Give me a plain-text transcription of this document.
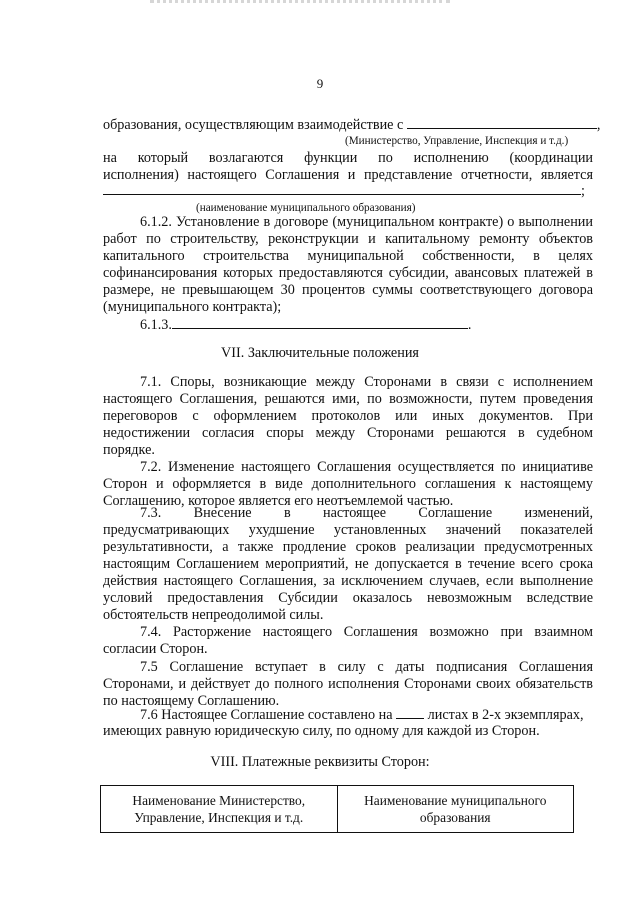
9
образования, осуществляющим взаимодействие с	,
(Министерство, Управление, Инспекция и т.д.)
на который возлагаются функции по исполнению (координации
исполнения) настоящего Соглашения и представление отчетности, является
;
(наименование муниципального образования)
6.1.2. Установление в договоре (муниципальном контракте) о выполнении
работ по строительству, реконструкции и капитальному ремонту объектов
капитального строительства муниципальной собственности, в целях
софинансирования которых предоставляются субсидии, авансовых платежей в
размере, не превышающем 30 процентов суммы соответствующего договора
(муниципального контракта);
6.1.3.	.
VII. Заключительные положения
7.1. Споры, возникающие между Сторонами в связи с исполнением
настоящего Соглашения, решаются ими, по возможности, путем проведения
переговоров с оформлением протоколов или иных документов. При
недостижении согласия споры между Сторонами решаются в судебном
порядке.
7.2. Изменение настоящего Соглашения осуществляется по инициативе
Сторон и оформляется в виде дополнительного соглашения к настоящему
Соглашению, которое является его неотъемлемой частью.
7.3. Внесение в настоящее Соглашение изменений,
предусматривающих ухудшение установленных значений показателей
результативности, а также продление сроков реализации предусмотренных
настоящим Соглашением мероприятий, не допускается в течение всего срока
действия настоящего Соглашения, за исключением случаев, если выполнение
условий предоставления Субсидии оказалось невозможным вследствие
обстоятельств непреодолимой силы.
7.4. Расторжение настоящего Соглашения возможно при взаимном
согласии Сторон.
7.5 Соглашение вступает в силу с даты подписания Соглашения
Сторонами, и действует до полного исполнения Сторонами своих обязательств
по настоящему Соглашению.
7.6 Настоящее Соглашение составлено на листах в 2-х экземплярах,
имеющих равную юридическую силу, по одному для каждой из Сторон.
VIII. Платежные реквизиты Сторон:
Наименование Министерство,
Управление, Инспекция и т.д.

Наименование муниципального
образования
